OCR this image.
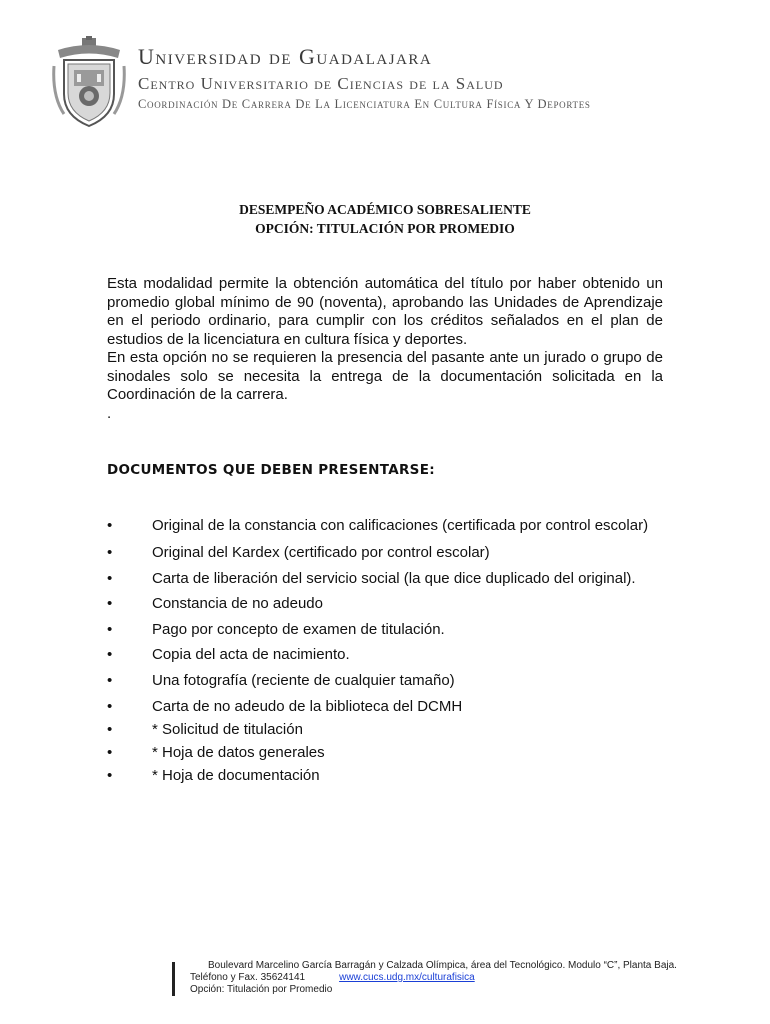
Universidad de Guadalajara
Centro Universitario de Ciencias de la Salud
Coordinación De Carrera De La Licenciatura En Cultura Física Y Deportes
DESEMPEÑO ACADÉMICO SOBRESALIENTE
OPCIÓN: TITULACIÓN POR PROMEDIO

Esta modalidad permite la obtención automática del título por haber obtenido un promedio global mínimo de 90 (noventa), aprobando las Unidades de Aprendizaje en el periodo ordinario, para cumplir con los créditos señalados en el plan de estudios de la licenciatura en cultura física y deportes.

En esta opción no se requieren la presencia del pasante ante un jurado o grupo de sinodales solo se necesita la entrega de la documentación solicitada en la Coordinación de la carrera.

.

DOCUMENTOS QUE DEBEN PRESENTARSE:
•	Original de la constancia con calificaciones (certificada por control escolar)
•	Original del Kardex (certificado por control escolar)
•	Carta de liberación del servicio social (la que dice duplicado del original).
•	Constancia de no adeudo
•	Pago por concepto de examen de titulación.
•	Copia del acta de nacimiento.
•	Una fotografía (reciente de cualquier tamaño)
•	Carta de no adeudo de la biblioteca del DCMH
•	* Solicitud de titulación
•	* Hoja de datos generales
•	* Hoja de documentación
Boulevard Marcelino García Barragán y Calzada Olímpica, área del Tecnológico. Modulo “C”, Planta Baja.
Teléfono y Fax. 35624141	www.cucs.udg.mx/culturafisica
Opción: Titulación por Promedio
